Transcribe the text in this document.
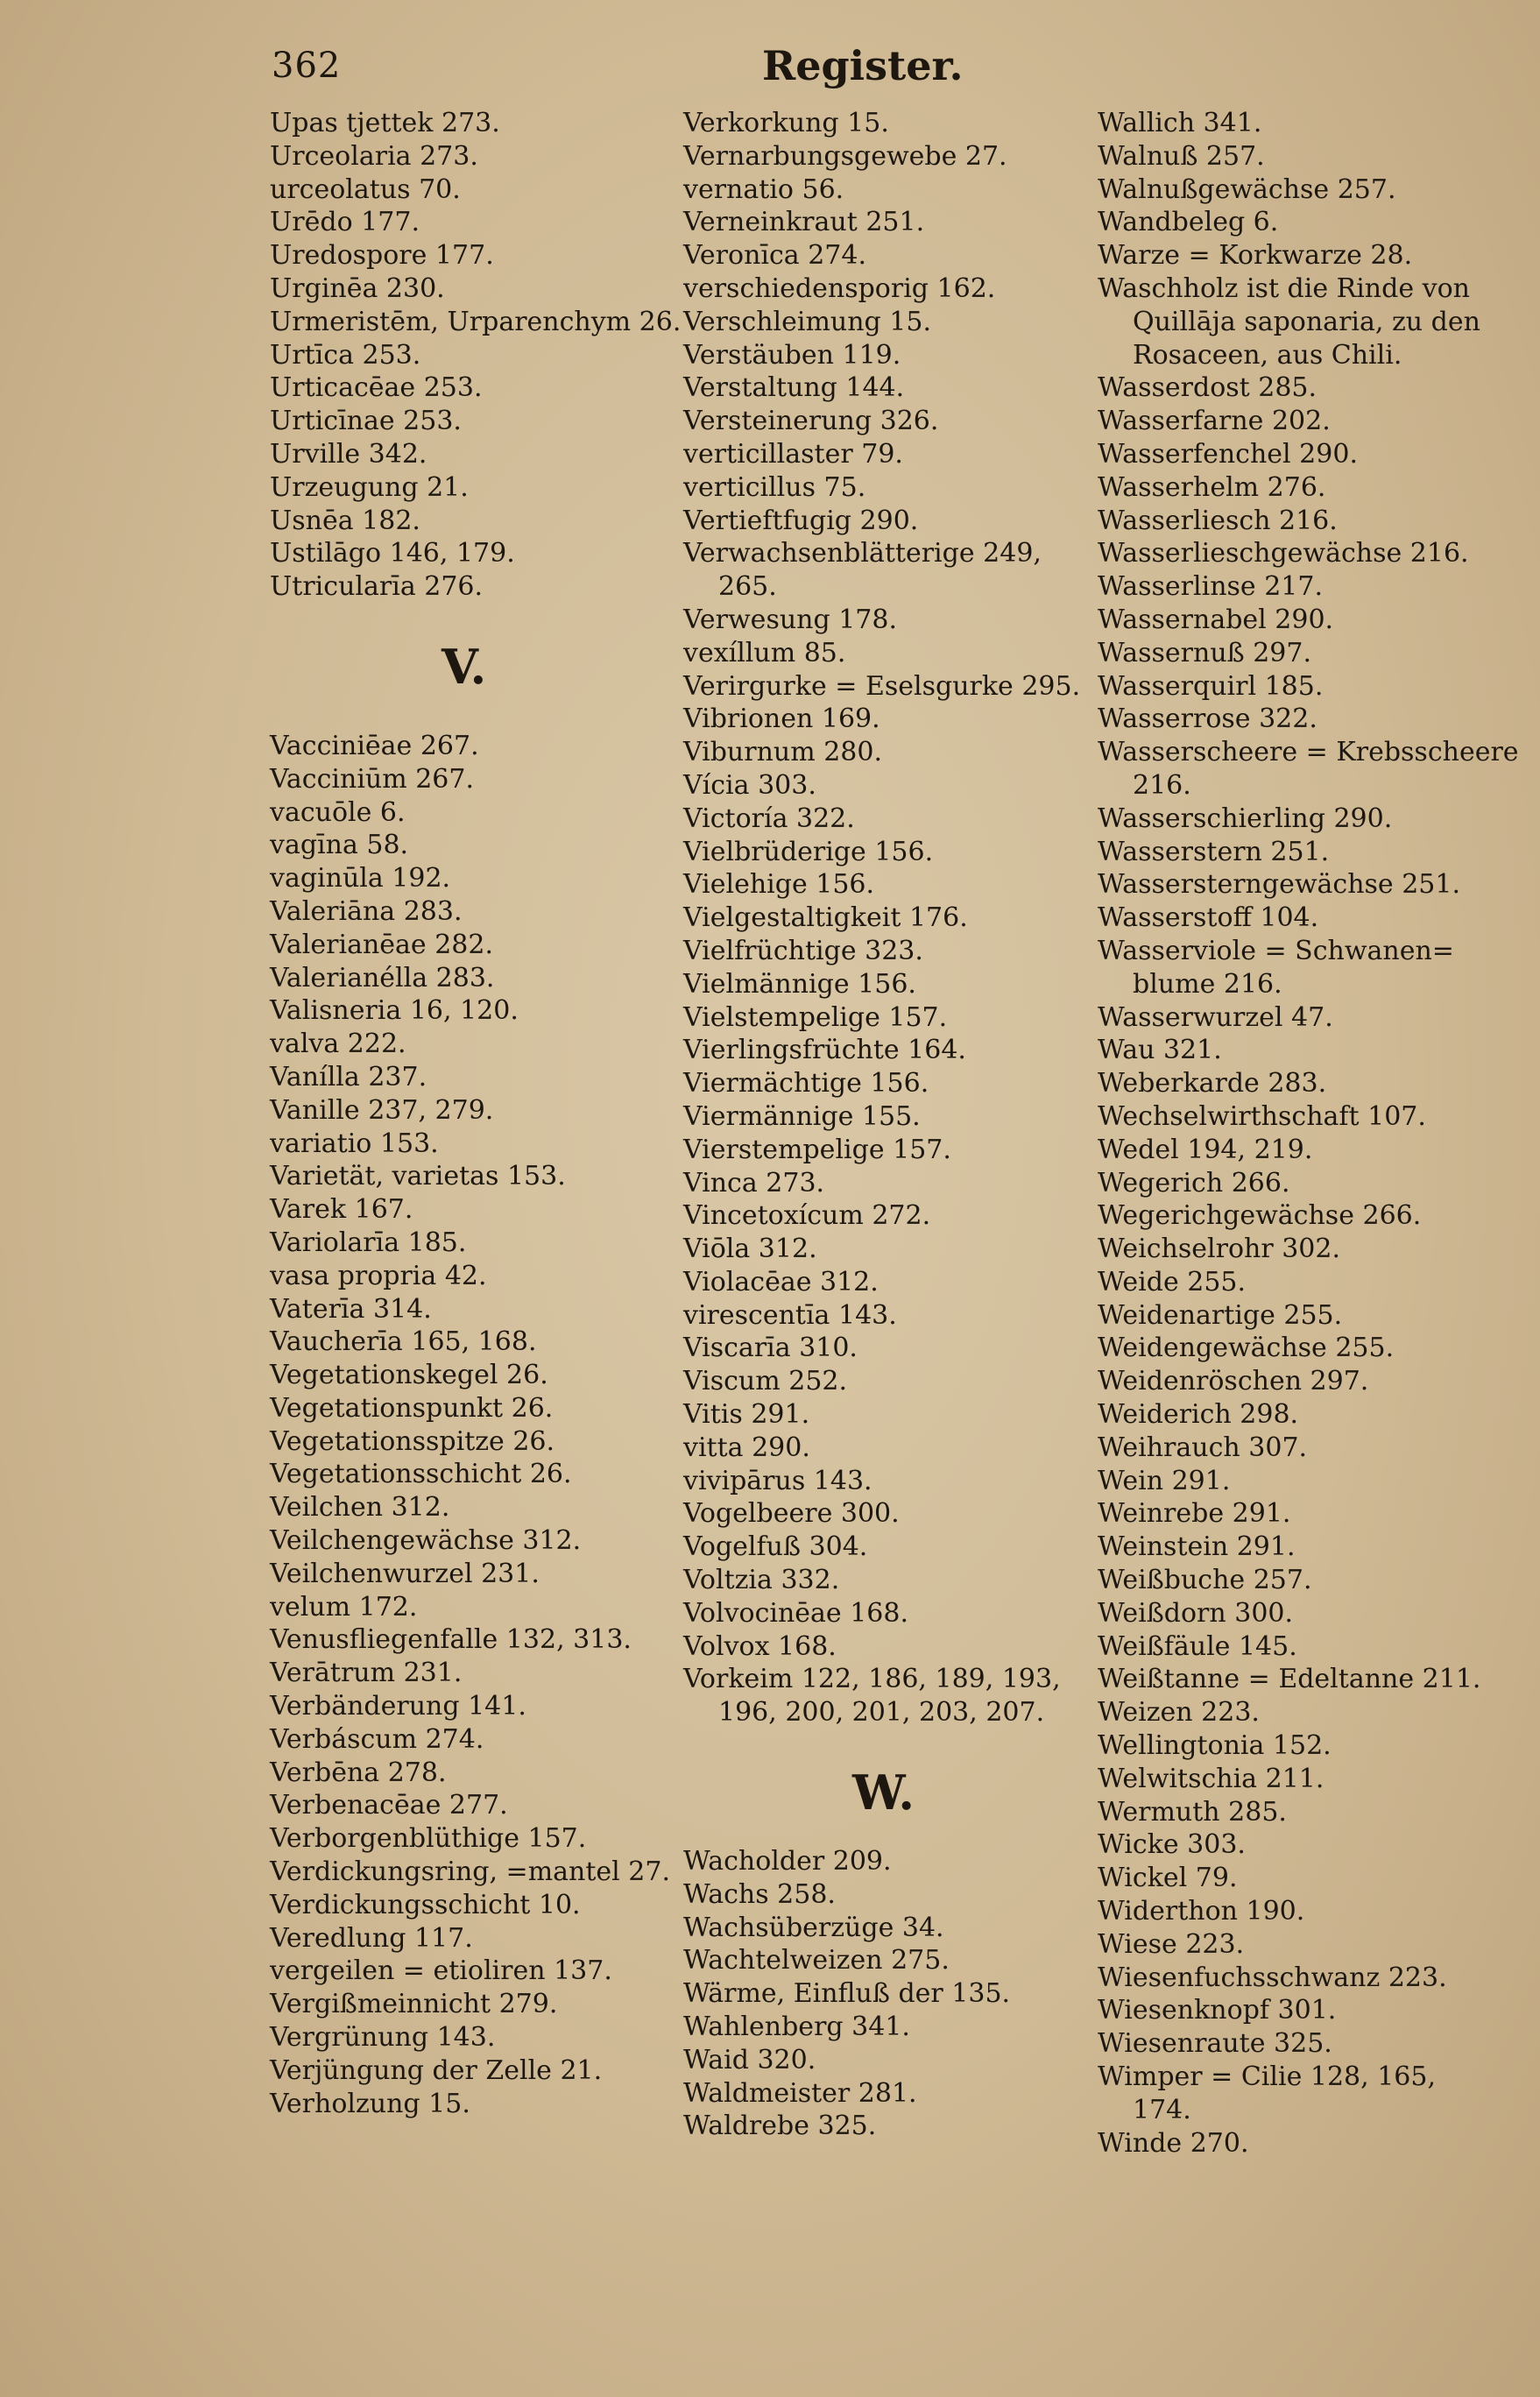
362	Register.
Upas tjettek 273.
Urceolaria 273.
urceolatus 70.
Urēdo 177.
Uredospore 177.
Urginēa 230.
Urmeristēm, Urparenchym 26.
Urtīca 253.
Urticacēae 253.
Urticīnae 253.
Urville 342.
Urzeugung 21.
Usnēa 182.
Ustilāgo 146, 179.
Utricularīa 276.
V.
Vacciniēae 267.
Vacciniūm 267.
vacuōle 6.
vagīna 58.
vaginūla 192.
Valeriāna 283.
Valerianēae 282.
Valerianélla 283.
Valisneria 16, 120.
valva 222.
Vanílla 237.
Vanille 237, 279.
variatio 153.
Varietät, varietas 153.
Varek 167.
Variolarīa 185.
vasa propria 42.
Vaterīa 314.
Vaucherīa 165, 168.
Vegetationskegel 26.
Vegetationspunkt 26.
Vegetationsspitze 26.
Vegetationsschicht 26.
Veilchen 312.
Veilchengewächse 312.
Veilchenwurzel 231.
velum 172.
Venusfliegenfalle 132, 313.
Verātrum 231.
Verbänderung 141.
Verbáscum 274.
Verbēna 278.
Verbenacēae 277.
Verborgenblüthige 157.
Verdickungsring, =mantel 27.
Verdickungsschicht 10.
Veredlung 117.
vergeilen = etioliren 137.
Vergißmeinnicht 279.
Vergrünung 143.
Verjüngung der Zelle 21.
Verholzung 15.
Verkorkung 15.
Vernarbungsgewebe 27.
vernatio 56.
Verneinkraut 251.
Veronīca 274.
verschiedensporig 162.
Verschleimung 15.
Verstäuben 119.
Verstaltung 144.
Versteinerung 326.
verticillaster 79.
verticillus 75.
Vertieftfugig 290.
Verwachsenblätterige 249,
265.
Verwesung 178.
vexíllum 85.
Verirgurke = Eselsgurke 295.
Vibrionen 169.
Viburnum 280.
Vícia 303.
Victoría 322.
Vielbrüderige 156.
Vielehige 156.
Vielgestaltigkeit 176.
Vielfrüchtige 323.
Vielmännige 156.
Vielstempelige 157.
Vierlingsfrüchte 164.
Viermächtige 156.
Viermännige 155.
Vierstempelige 157.
Vinca 273.
Vincetoxícum 272.
Viōla 312.
Violacēae 312.
virescentīa 143.
Viscarīa 310.
Viscum 252.
Vitis 291.
vitta 290.
vivipārus 143.
Vogelbeere 300.
Vogelfuß 304.
Voltzia 332.
Volvocinēae 168.
Volvox 168.
Vorkeim 122, 186, 189, 193,
196, 200, 201, 203, 207.
W.
Wacholder 209.
Wachs 258.
Wachsüberzüge 34.
Wachtelweizen 275.
Wärme, Einfluß der 135.
Wahlenberg 341.
Waid 320.
Waldmeister 281.
Waldrebe 325.
Wallich 341.
Walnuß 257.
Walnußgewächse 257.
Wandbeleg 6.
Warze = Korkwarze 28.
Waschholz ist die Rinde von
Quillāja saponaria, zu den
Rosaceen, aus Chili.
Wasserdost 285.
Wasserfarne 202.
Wasserfenchel 290.
Wasserhelm 276.
Wasserliesch 216.
Wasserlieschgewächse 216.
Wasserlinse 217.
Wassernabel 290.
Wassernuß 297.
Wasserquirl 185.
Wasserrose 322.
Wasserscheere = Krebsscheere
216.
Wasserschierling 290.
Wasserstern 251.
Wassersterngewächse 251.
Wasserstoff 104.
Wasserviole = Schwanen=
blume 216.
Wasserwurzel 47.
Wau 321.
Weberkarde 283.
Wechselwirthschaft 107.
Wedel 194, 219.
Wegerich 266.
Wegerichgewächse 266.
Weichselrohr 302.
Weide 255.
Weidenartige 255.
Weidengewächse 255.
Weidenröschen 297.
Weiderich 298.
Weihrauch 307.
Wein 291.
Weinrebe 291.
Weinstein 291.
Weißbuche 257.
Weißdorn 300.
Weißfäule 145.
Weißtanne = Edeltanne 211.
Weizen 223.
Wellingtonia 152.
Welwitschia 211.
Wermuth 285.
Wicke 303.
Wickel 79.
Widerthon 190.
Wiese 223.
Wiesenfuchsschwanz 223.
Wiesenknopf 301.
Wiesenraute 325.
Wimper = Cilie 128, 165,
174.
Winde 270.
